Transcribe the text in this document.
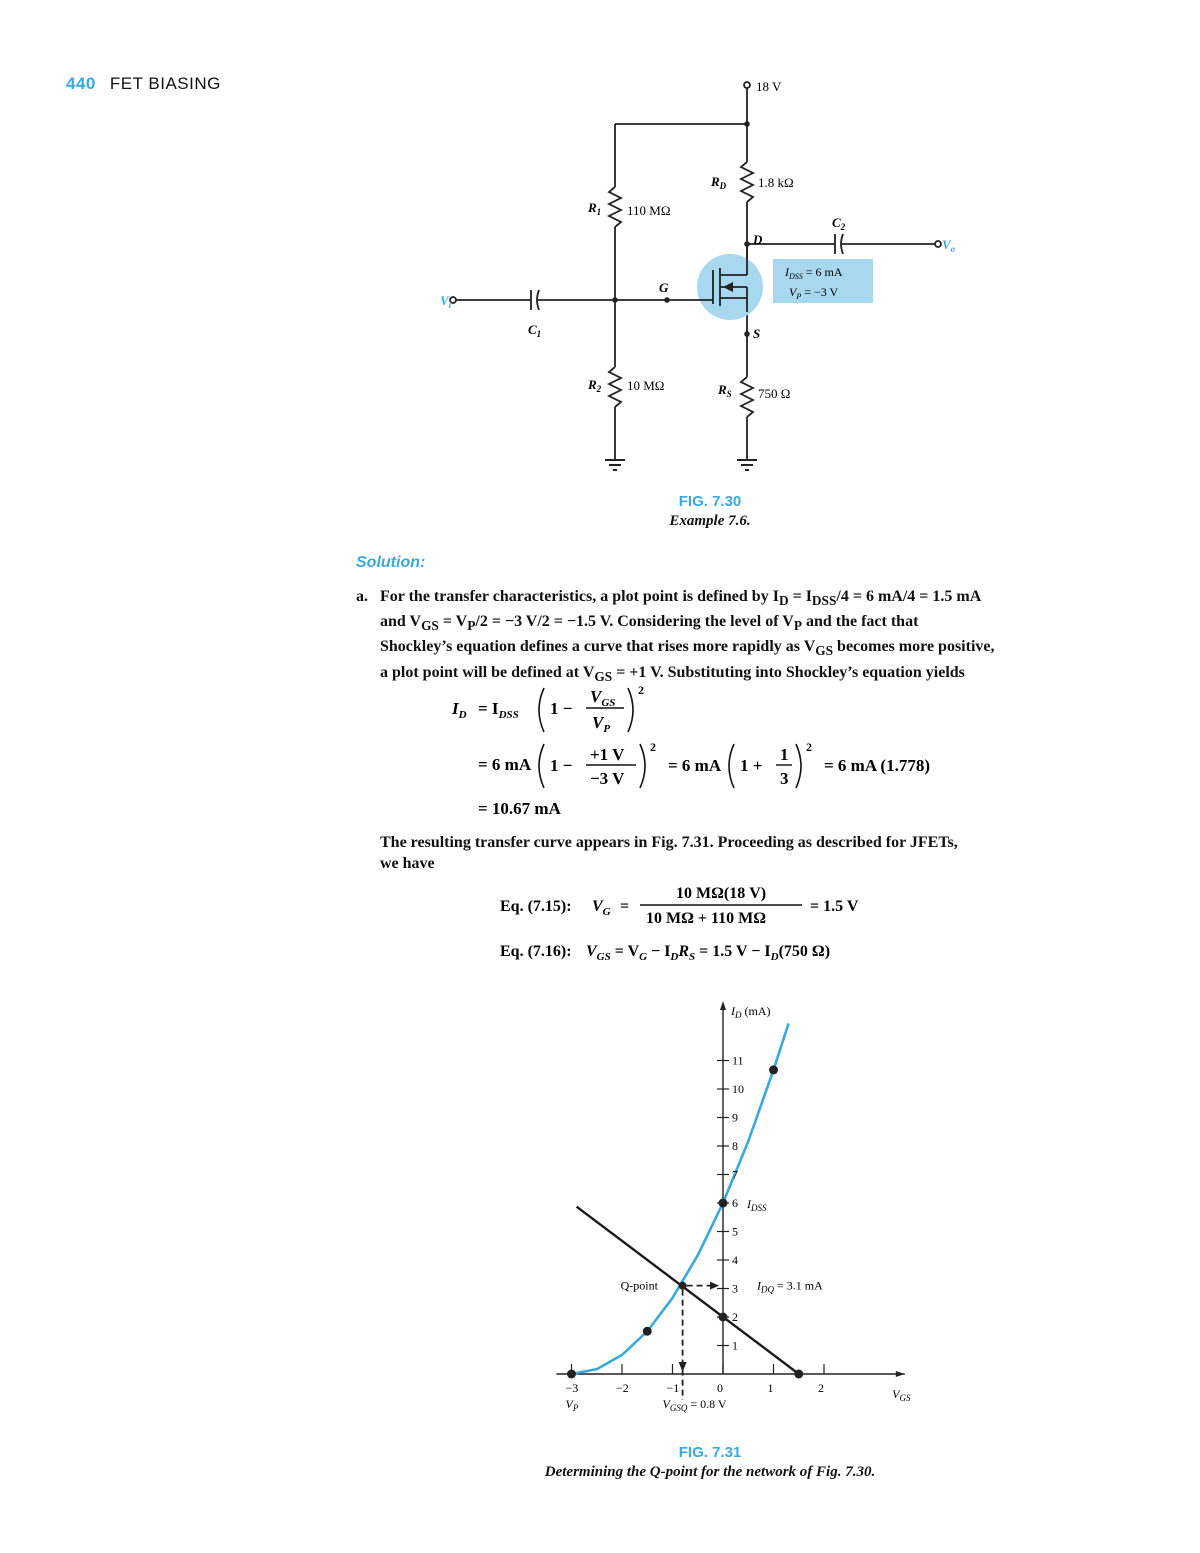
440 FET BIASING	18 V
$R_D$ 1.8 kΩ
$R_1$ 110 MΩ
$R_2$ 10 MΩ	$R_S$ 750 Ω
$C_1$
$C_2$
$V_i$
$V_o$
D
G
S
$I_{DSS} = 6$ mA
$V_P = -3$ V
FIG. 7.30
Example 7.6.
Solution:
a. For the transfer characteristics, a plot point is defined by $I_D = I_{DSS}/4 = 6$ mA/4 = 1.5 mA
and $V_{GS} = V_P/2 = -3$ V/2 = −1.5 V. Considering the level of $V_P$ and the fact that
Shockley’s equation defines a curve that rises more rapidly as $V_{GS}$ becomes more positive,
a plot point will be defined at $V_{GS} = +1$ V. Substituting into Shockley’s equation yields
$I_D = I_{DSS}$ 1 −
$V_{GS}$
$V_P$
2
= 6 mA 1 −
+1 V
−3 V
2
= 6 mA 1 +
1
3
2
= 6 mA (1.778)
= 10.67 mA
The resulting transfer curve appears in Fig. 7.31. Proceeding as described for JFETs,
we have
Eq. (7.15): $V_G$ =
10 MΩ(18 V)
10 MΩ + 110 MΩ
= 1.5 V
Eq. (7.16): $V_{GS} = V_G - I_DR_S = 1.5$ $V - I_D(750$ Ω)
−3	−2	−1	0	1	2
1
2
3
4
5
6
7
8
9
10
11
$I_D$ (mA)
$V_{GS}$
$V_P$
$I_{DSS}$
Q-point	$I_{DQ} = 3.1$ mA
$V_{GSQ} = 0.8$ V
FIG. 7.31
Determining the Q-point for the network of Fig. 7.30.
